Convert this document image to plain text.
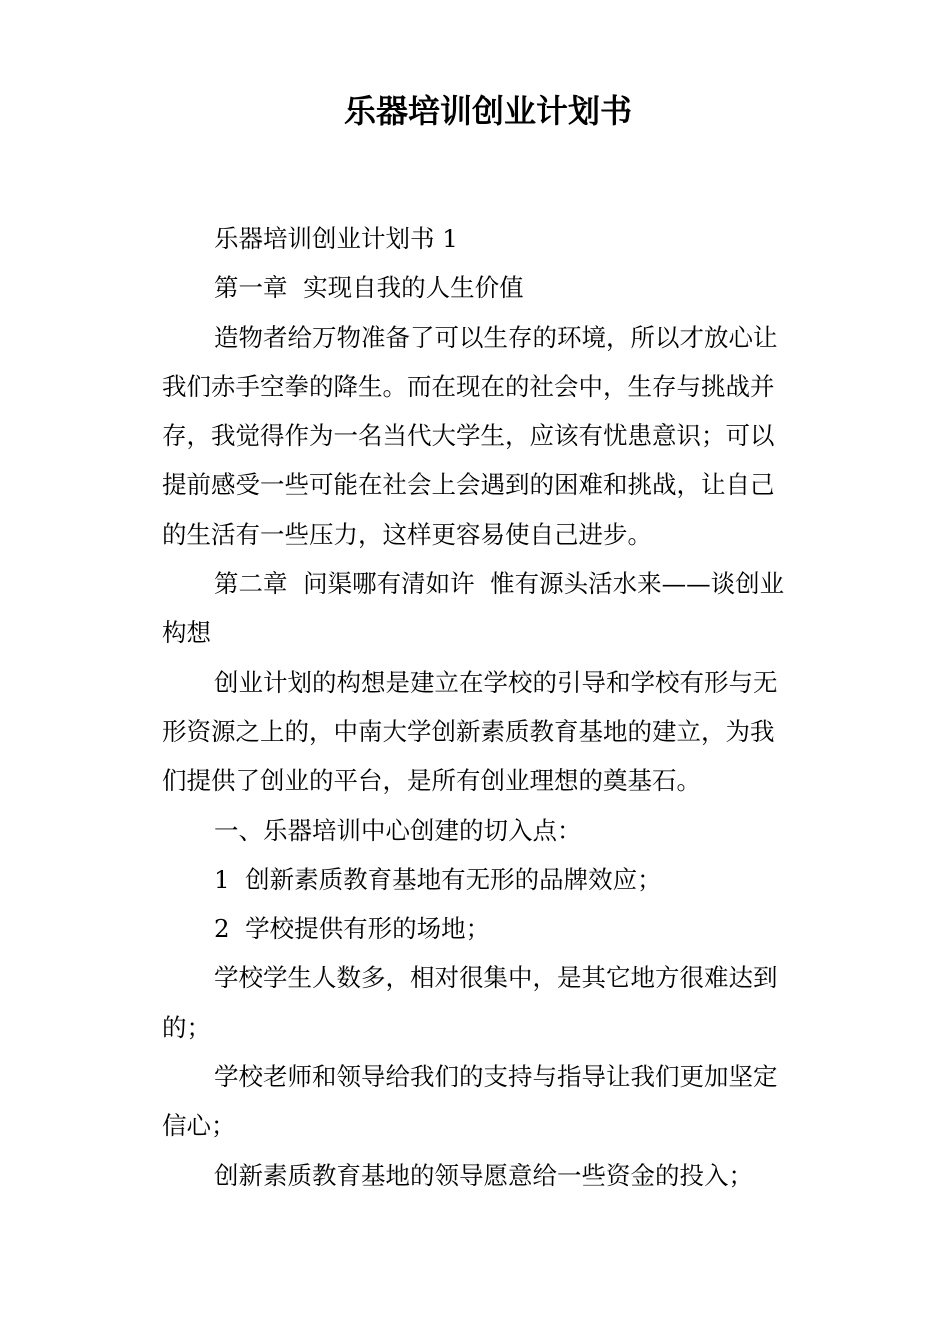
乐器培训创业计划书

乐器培训创业计划书 1

第一章  实现自我的人生价值

造物者给万物准备了可以生存的环境，所以才放心让我们赤手空拳的降生。而在现在的社会中，生存与挑战并存，我觉得作为一名当代大学生，应该有忧患意识；可以提前感受一些可能在社会上会遇到的困难和挑战，让自己的生活有一些压力，这样更容易使自己进步。

第二章  问渠哪有清如许  惟有源头活水来——谈创业构想

创业计划的构想是建立在学校的引导和学校有形与无形资源之上的，中南大学创新素质教育基地的建立，为我们提供了创业的平台，是所有创业理想的奠基石。

一、乐器培训中心创建的切入点：

1  创新素质教育基地有无形的品牌效应；

2  学校提供有形的场地；

学校学生人数多，相对很集中，是其它地方很难达到的；

学校老师和领导给我们的支持与指导让我们更加坚定信心；

创新素质教育基地的领导愿意给一些资金的投入；
